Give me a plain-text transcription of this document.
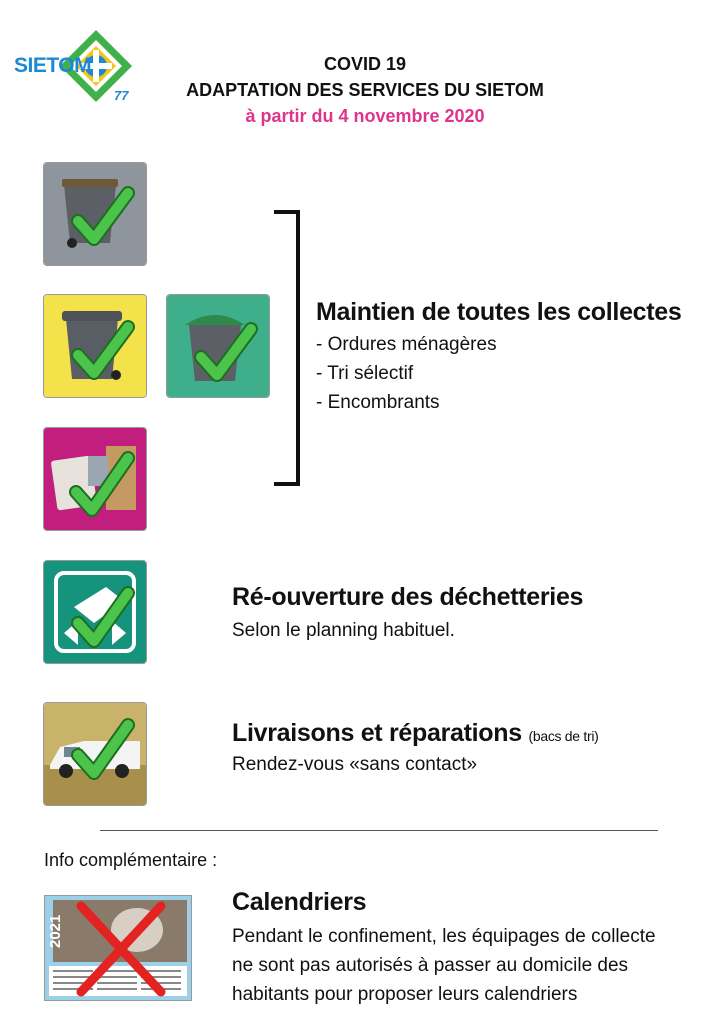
SIETOM
77
COVID 19
ADAPTATION DES SERVICES DU SIETOM
à partir du 4 novembre 2020
Maintien de toutes les collectes
- Ordures ménagères
- Tri sélectif
- Encombrants
Ré-ouverture des déchetteries
Selon le planning habituel.
Livraisons et réparations (bacs de tri)
Rendez-vous «sans contact»
Info complémentaire :
2021
Calendriers
Pendant le confinement, les équipages de collecte
ne sont pas autorisés à passer au domicile des
habitants pour proposer leurs calendriers
